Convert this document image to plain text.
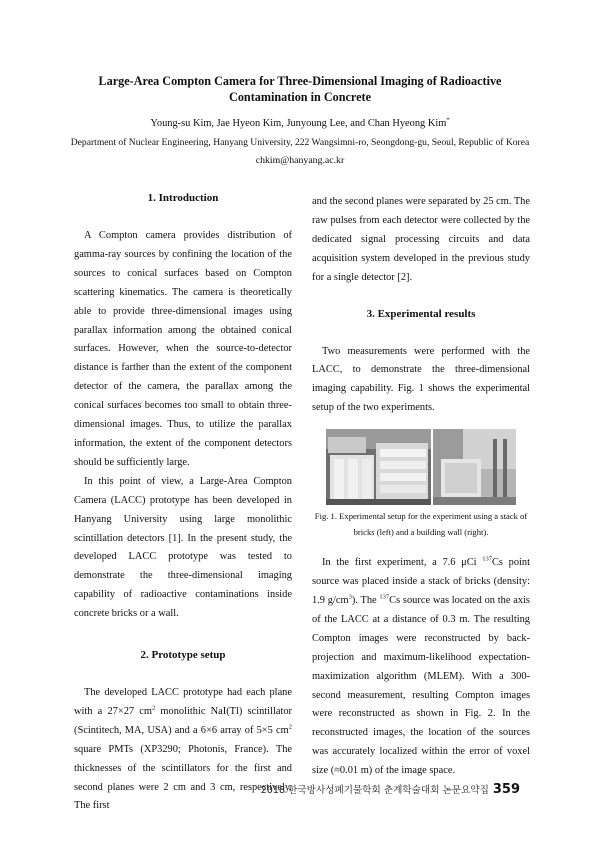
Large-Area Compton Camera for Three-Dimensional Imaging of Radioactive
Contamination in Concrete
Young-su Kim, Jae Hyeon Kim, Junyoung Lee, and Chan Hyeong Kim*
Department of Nuclear Engineering, Hanyang University, 222 Wangsimni-ro, Seongdong-gu, Seoul, Republic of Korea
chkim@hanyang.ac.kr
1. Introduction

A Compton camera provides distribution of gamma-ray sources by confining the location of the sources to conical surfaces based on Compton scattering kinematics. The camera is theoretically able to provide three-dimensional images using parallax information among the obtained conical surfaces. However, when the source-to-detector distance is farther than the extent of the component detector of the camera, the parallax among the conical surfaces becomes too small to obtain three-dimensional images. Thus, to utilize the parallax information, the extent of the component detectors should be sufficiently large.

In this point of view, a Large-Area Compton Camera (LACC) prototype has been developed in Hanyang University using large monolithic scintillation detectors [1]. In the present study, the developed LACC prototype was tested to demonstrate the three-dimensional imaging capability of radioactive contaminations inside concrete bricks or a wall.

2. Prototype setup

The developed LACC prototype had each plane with a 27×27 $cm^2$ monolithic NaI(Tl) scintillator (Scintitech, MA, USA) and a 6×6 array of 5×5 $cm^2$ square PMTs (XP3290; Photonis, France). The thicknesses of the scintillators for the first and second planes were 2 cm and 3 cm, respectively. The first

and the second planes were separated by 25 cm. The raw pulses from each detector were collected by the dedicated signal processing circuits and data acquisition system developed in the previous study for a single detector [2].

3. Experimental results

Two measurements were performed with the LACC, to demonstrate the three-dimensional imaging capability. Fig. 1 shows the experimental setup of the two experiments.

Fig. 1. Experimental setup for the experiment using a stack of bricks (left) and a building wall (right).

In the first experiment, a 7.6 μCi $^{137}$Cs point source was placed inside a stack of bricks (density: 1.9 $g/cm^3$). The $^{137}$Cs source was located on the axis of the LACC at a distance of 0.3 m. The resulting Compton images were reconstructed by back-projection and maximum-likelihood expectation-maximization algorithm (MLEM). With a 300-second measurement, resulting Compton images were reconstructed as shown in Fig. 2. In the reconstructed images, the location of the sources was accurately localized within the error of voxel size (≈0.01 m) of the image space.

2018 한국방사성폐기물학회 춘계학술대회 논문요약집 359
